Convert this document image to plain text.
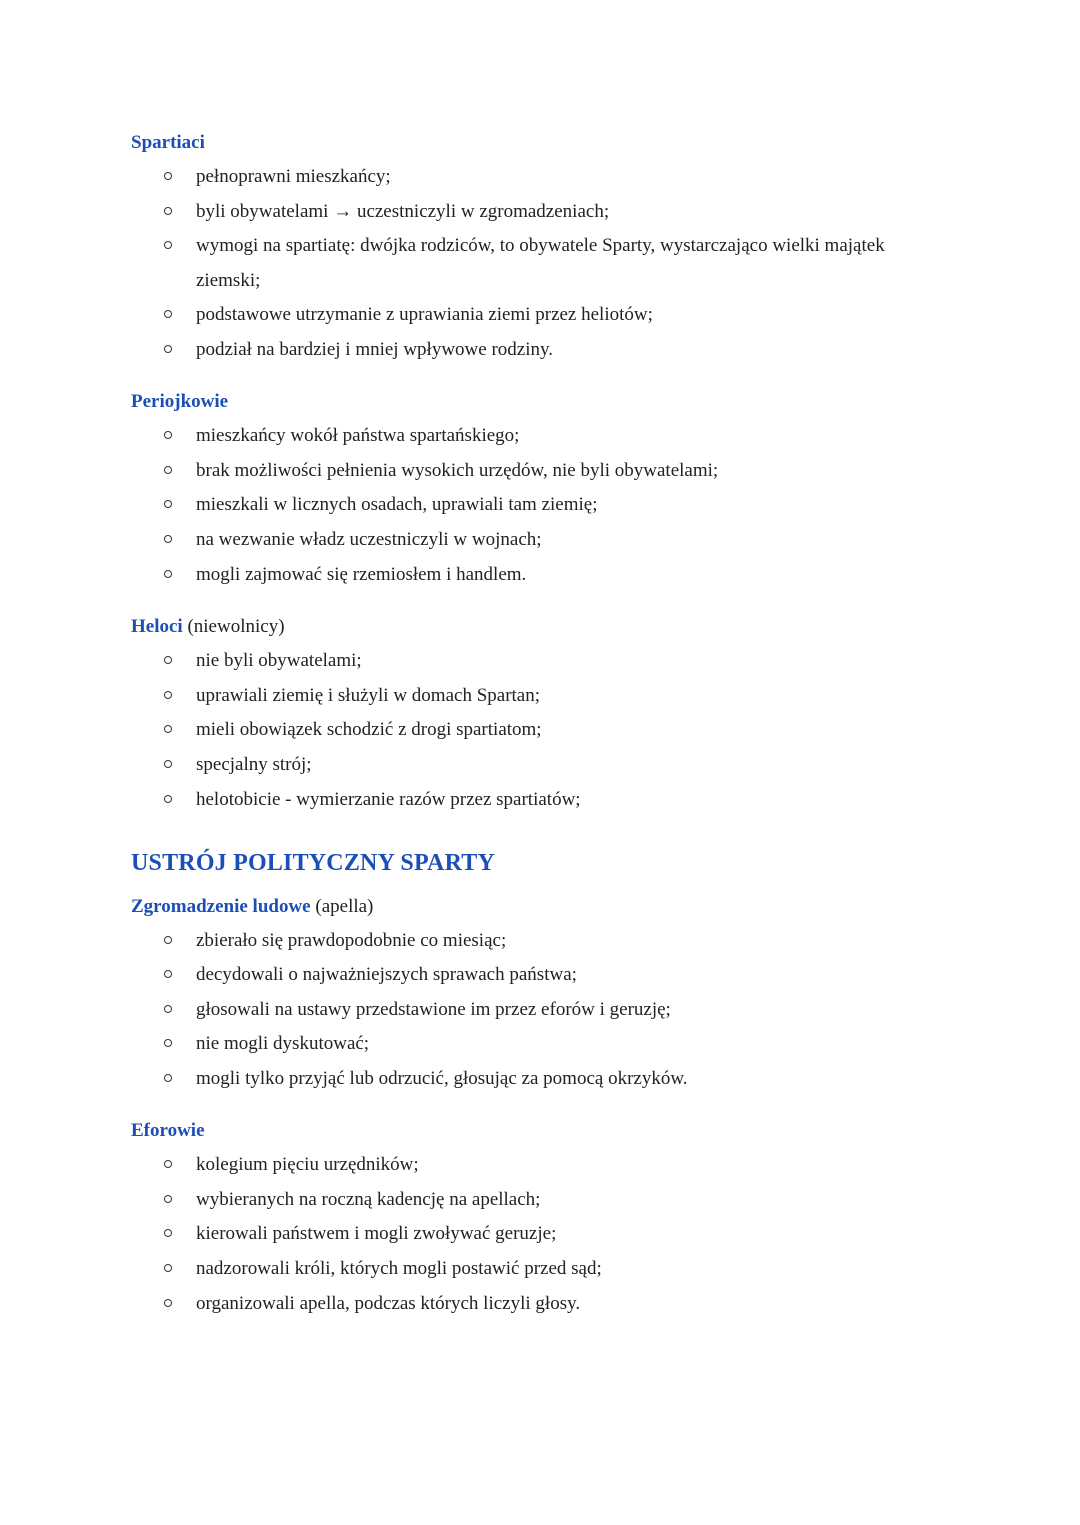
Spartiaci
pełnoprawni mieszkańcy;
byli obywatelami → uczestniczyli w zgromadzeniach;
wymogi na spartiatę: dwójka rodziców, to obywatele Sparty, wystarczająco wielki majątek
ziemski;
podstawowe utrzymanie z uprawiania ziemi przez heliotów;
podział na bardziej i mniej wpływowe rodziny.
Periojkowie
mieszkańcy wokół państwa spartańskiego;
brak możliwości pełnienia wysokich urzędów, nie byli obywatelami;
mieszkali w licznych osadach, uprawiali tam ziemię;
na wezwanie władz uczestniczyli w wojnach;
mogli zajmować się rzemiosłem i handlem.
Heloci (niewolnicy)
nie byli obywatelami;
uprawiali ziemię i służyli w domach Spartan;
mieli obowiązek schodzić z drogi spartiatom;
specjalny strój;
helotobicie - wymierzanie razów przez spartiatów;
USTRÓJ POLITYCZNY SPARTY
Zgromadzenie ludowe (apella)
zbierało się prawdopodobnie co miesiąc;
decydowali o najważniejszych sprawach państwa;
głosowali na ustawy przedstawione im przez eforów i geruzję;
nie mogli dyskutować;
mogli tylko przyjąć lub odrzucić, głosując za pomocą okrzyków.
Eforowie
kolegium pięciu urzędników;
wybieranych na roczną kadencję na apellach;
kierowali państwem i mogli zwoływać geruzje;
nadzorowali króli, których mogli postawić przed sąd;
organizowali apella, podczas których liczyli głosy.
